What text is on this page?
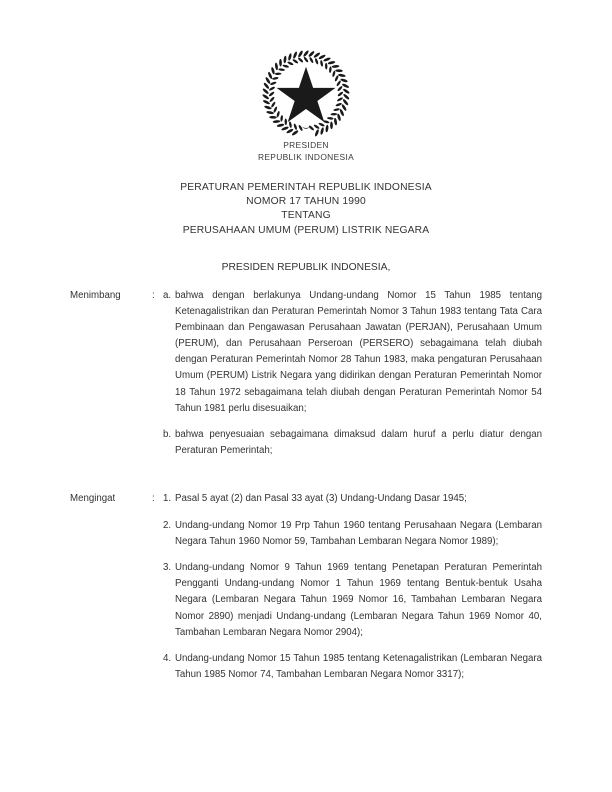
PRESIDEN
REPUBLIK INDONESIA
PERATURAN PEMERINTAH REPUBLIK INDONESIA
NOMOR 17 TAHUN 1990
TENTANG
PERUSAHAAN UMUM (PERUM) LISTRIK NEGARA
PRESIDEN REPUBLIK INDONESIA,
Menimbang	: a. bahwa dengan berlakunya Undang-undang Nomor 15 Tahun 1985 tentang Ketenagalistrikan dan Peraturan Pemerintah Nomor 3 Tahun 1983 tentang Tata Cara Pembinaan dan Pengawasan Perusahaan Jawatan (PERJAN), Perusahaan Umum (PERUM), dan Perusahaan Perseroan (PERSERO) sebagaimana telah diubah dengan Peraturan Pemerintah Nomor 28 Tahun 1983, maka pengaturan Perusahaan Umum (PERUM) Listrik Negara yang didirikan dengan Peraturan Pemerintah Nomor 18 Tahun 1972 sebagaimana telah diubah dengan Peraturan Pemerintah Nomor 54 Tahun 1981 perlu disesuaikan;
b. bahwa penyesuaian sebagaimana dimaksud dalam huruf a perlu diatur dengan Peraturan Pemerintah;
Mengingat	: 1. Pasal 5 ayat (2) dan Pasal 33 ayat (3) Undang-Undang Dasar 1945;
2. Undang-undang Nomor 19 Prp Tahun 1960 tentang Perusahaan Negara (Lembaran Negara Tahun 1960 Nomor 59, Tambahan Lembaran Negara Nomor 1989);
3. Undang-undang Nomor 9 Tahun 1969 tentang Penetapan Peraturan Pemerintah Pengganti Undang-undang Nomor 1 Tahun 1969 tentang Bentuk-bentuk Usaha Negara (Lembaran Negara Tahun 1969 Nomor 16, Tambahan Lembaran Negara Nomor 2890) menjadi Undang-undang (Lembaran Negara Tahun 1969 Nomor 40, Tambahan Lembaran Negara Nomor 2904);
4. Undang-undang Nomor 15 Tahun 1985 tentang Ketenagalistrikan (Lembaran Negara Tahun 1985 Nomor 74, Tambahan Lembaran Negara Nomor 3317);
